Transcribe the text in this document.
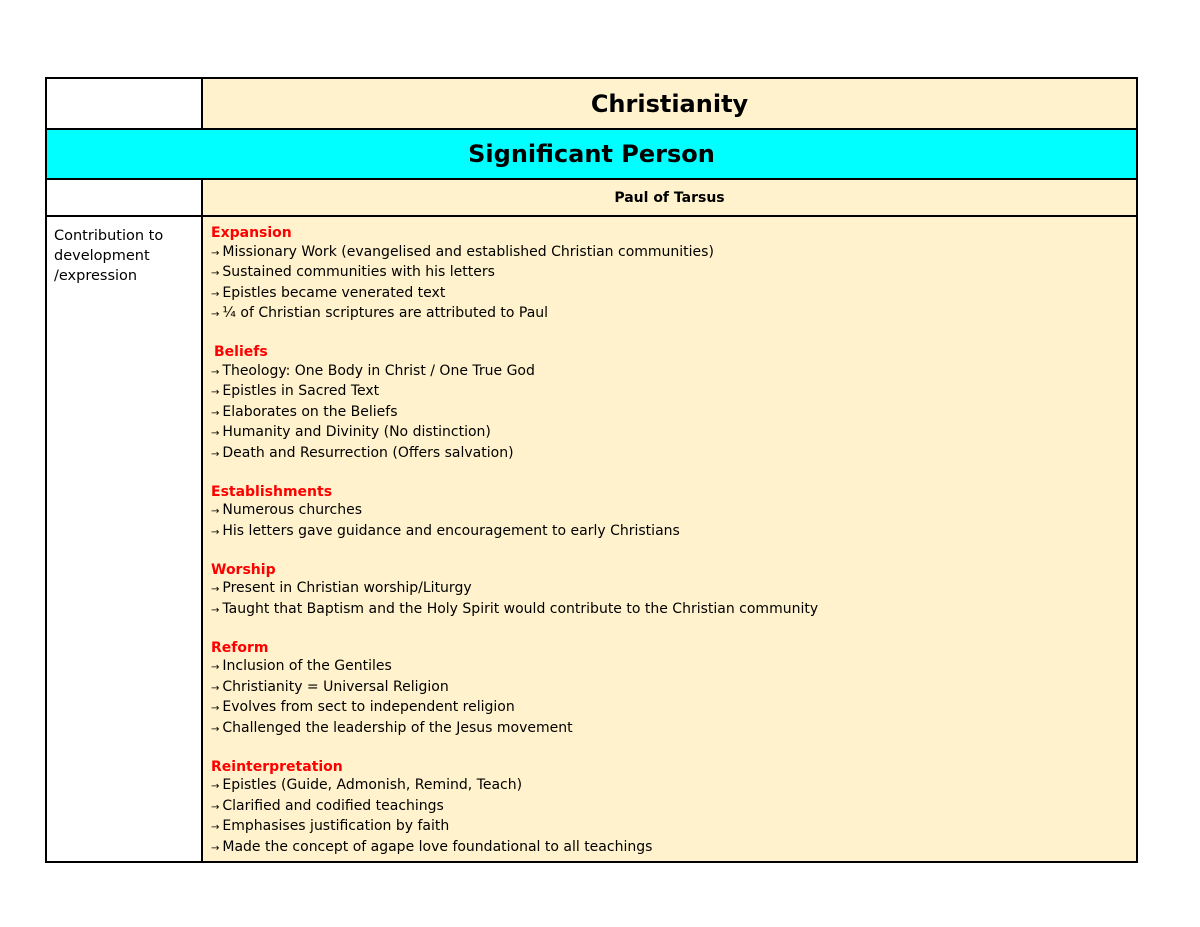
Christianity
Significant Person
Paul of Tarsus
Contribution to
development
/expression
Expansion
→ Missionary Work (evangelised and established Christian communities)
→ Sustained communities with his letters
→ Epistles became venerated text
→ ¼ of Christian scriptures are attributed to Paul
Beliefs
→ Theology: One Body in Christ / One True God
→ Epistles in Sacred Text
→ Elaborates on the Beliefs
→ Humanity and Divinity (No distinction)
→ Death and Resurrection (Offers salvation)
Establishments
→ Numerous churches
→ His letters gave guidance and encouragement to early Christians
Worship
→ Present in Christian worship/Liturgy
→ Taught that Baptism and the Holy Spirit would contribute to the Christian community
Reform
→ Inclusion of the Gentiles
→ Christianity = Universal Religion
→ Evolves from sect to independent religion
→ Challenged the leadership of the Jesus movement
Reinterpretation
→ Epistles (Guide, Admonish, Remind, Teach)
→ Clarified and codified teachings
→ Emphasises justification by faith
→ Made the concept of agape love foundational to all teachings
